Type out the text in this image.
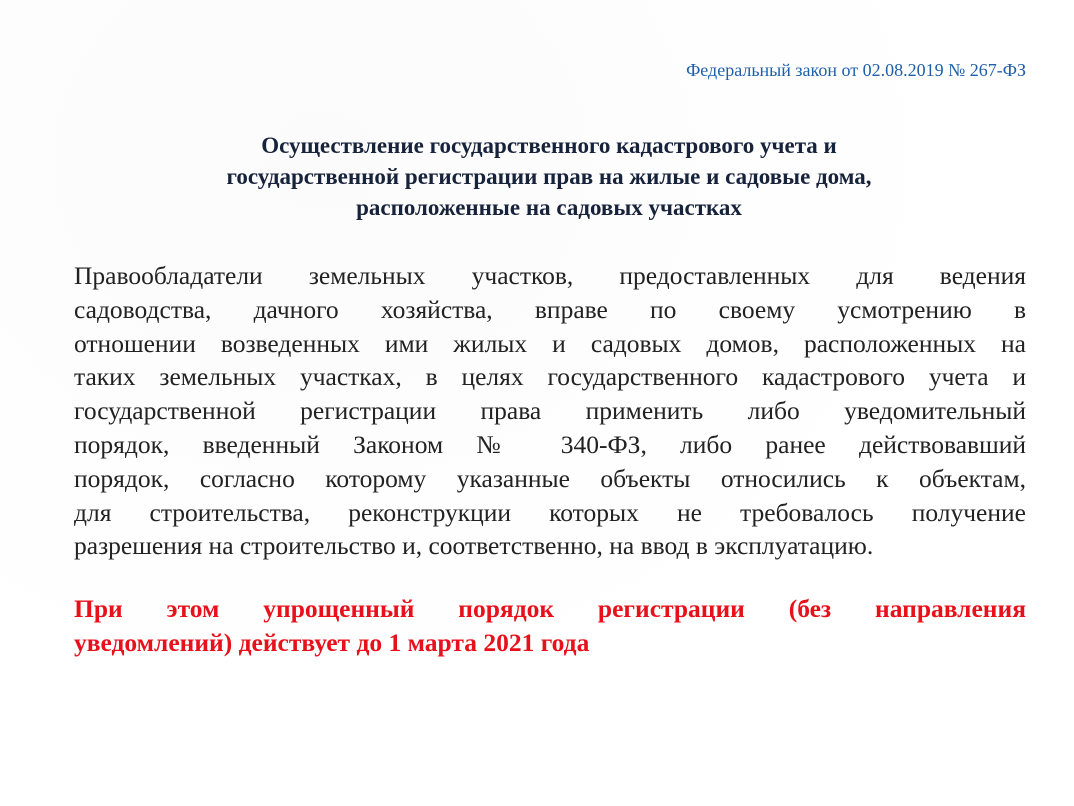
Федеральный закон от 02.08.2019 № 267-ФЗ
Осуществление государственного кадастрового учета и
государственной регистрации прав на жилые и садовые дома,
расположенные на садовых участках
Правообладатели земельных участков, предоставленных для ведения
садоводства, дачного хозяйства, вправе по своему усмотрению в
отношении возведенных ими жилых и садовых домов, расположенных на
таких земельных участках, в целях государственного кадастрового учета и
государственной регистрации права применить либо уведомительный
порядок, введенный Законом № 340-ФЗ, либо ранее действовавший
порядок, согласно которому указанные объекты относились к объектам,
для строительства, реконструкции которых не требовалось получение
разрешения на строительство и, соответственно, на ввод в эксплуатацию.
При этом упрощенный порядок регистрации (без направления
уведомлений) действует до 1 марта 2021 года
